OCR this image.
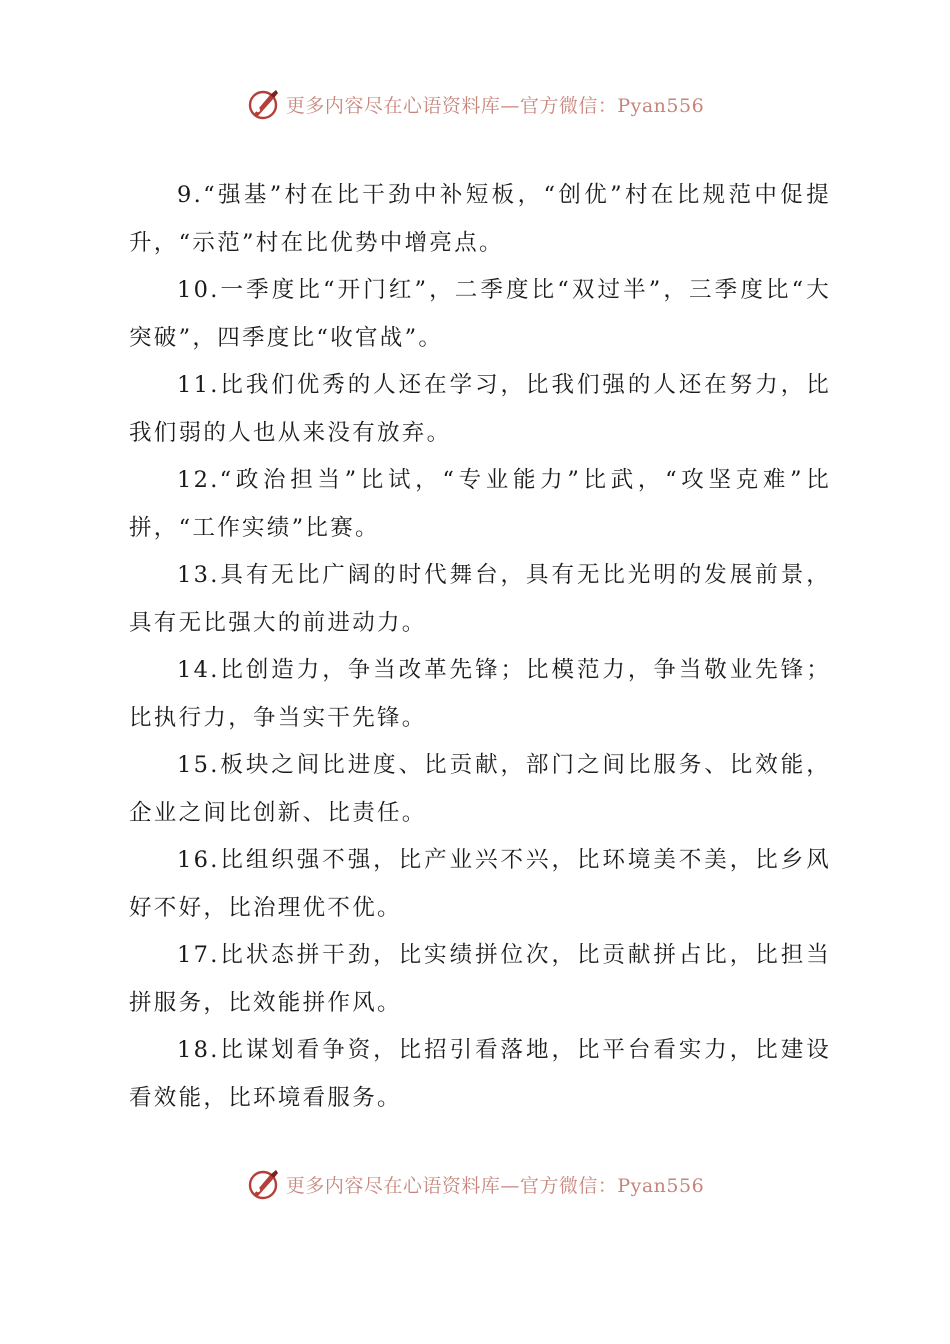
更多内容尽在心语资料库—官方微信：Pyan556

9.“强基”村在比干劲中补短板，“创优”村在比规范中促提升，“示范”村在比优势中增亮点。

10.一季度比“开门红”，二季度比“双过半”，三季度比“大突破”，四季度比“收官战”。

11.比我们优秀的人还在学习，比我们强的人还在努力，比我们弱的人也从来没有放弃。

12.“政治担当”比试，“专业能力”比武，“攻坚克难”比拼，“工作实绩”比赛。

13.具有无比广阔的时代舞台，具有无比光明的发展前景，具有无比强大的前进动力。

14.比创造力，争当改革先锋；比模范力，争当敬业先锋；比执行力，争当实干先锋。

15.板块之间比进度、比贡献，部门之间比服务、比效能，企业之间比创新、比责任。

16.比组织强不强，比产业兴不兴，比环境美不美，比乡风好不好，比治理优不优。

17.比状态拼干劲，比实绩拼位次，比贡献拼占比，比担当拼服务，比效能拼作风。

18.比谋划看争资，比招引看落地，比平台看实力，比建设看效能，比环境看服务。

更多内容尽在心语资料库—官方微信：Pyan556
